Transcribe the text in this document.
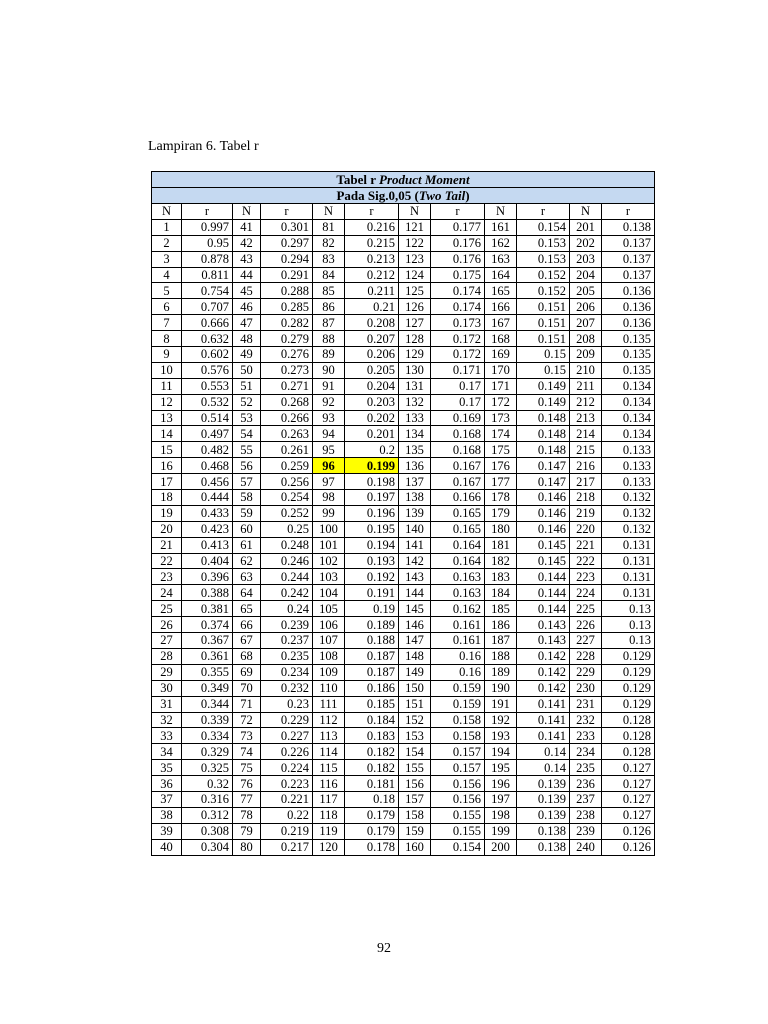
Lampiran 6. Tabel r
Tabel r Product Moment											
Pada Sig.0,05 (Two Tail)											
N	r	N	r	N	r	N	r	N	r	N	r
1	0.997	41	0.301	81	0.216	121	0.177	161	0.154	201	0.138
2	0.95	42	0.297	82	0.215	122	0.176	162	0.153	202	0.137
3	0.878	43	0.294	83	0.213	123	0.176	163	0.153	203	0.137
4	0.811	44	0.291	84	0.212	124	0.175	164	0.152	204	0.137
5	0.754	45	0.288	85	0.211	125	0.174	165	0.152	205	0.136
6	0.707	46	0.285	86	0.21	126	0.174	166	0.151	206	0.136
7	0.666	47	0.282	87	0.208	127	0.173	167	0.151	207	0.136
8	0.632	48	0.279	88	0.207	128	0.172	168	0.151	208	0.135
9	0.602	49	0.276	89	0.206	129	0.172	169	0.15	209	0.135
10	0.576	50	0.273	90	0.205	130	0.171	170	0.15	210	0.135
11	0.553	51	0.271	91	0.204	131	0.17	171	0.149	211	0.134
12	0.532	52	0.268	92	0.203	132	0.17	172	0.149	212	0.134
13	0.514	53	0.266	93	0.202	133	0.169	173	0.148	213	0.134
14	0.497	54	0.263	94	0.201	134	0.168	174	0.148	214	0.134
15	0.482	55	0.261	95	0.2	135	0.168	175	0.148	215	0.133
16	0.468	56	0.259	96	0.199	136	0.167	176	0.147	216	0.133
17	0.456	57	0.256	97	0.198	137	0.167	177	0.147	217	0.133
18	0.444	58	0.254	98	0.197	138	0.166	178	0.146	218	0.132
19	0.433	59	0.252	99	0.196	139	0.165	179	0.146	219	0.132
20	0.423	60	0.25	100	0.195	140	0.165	180	0.146	220	0.132
21	0.413	61	0.248	101	0.194	141	0.164	181	0.145	221	0.131
22	0.404	62	0.246	102	0.193	142	0.164	182	0.145	222	0.131
23	0.396	63	0.244	103	0.192	143	0.163	183	0.144	223	0.131
24	0.388	64	0.242	104	0.191	144	0.163	184	0.144	224	0.131
25	0.381	65	0.24	105	0.19	145	0.162	185	0.144	225	0.13
26	0.374	66	0.239	106	0.189	146	0.161	186	0.143	226	0.13
27	0.367	67	0.237	107	0.188	147	0.161	187	0.143	227	0.13
28	0.361	68	0.235	108	0.187	148	0.16	188	0.142	228	0.129
29	0.355	69	0.234	109	0.187	149	0.16	189	0.142	229	0.129
30	0.349	70	0.232	110	0.186	150	0.159	190	0.142	230	0.129
31	0.344	71	0.23	111	0.185	151	0.159	191	0.141	231	0.129
32	0.339	72	0.229	112	0.184	152	0.158	192	0.141	232	0.128
33	0.334	73	0.227	113	0.183	153	0.158	193	0.141	233	0.128
34	0.329	74	0.226	114	0.182	154	0.157	194	0.14	234	0.128
35	0.325	75	0.224	115	0.182	155	0.157	195	0.14	235	0.127
36	0.32	76	0.223	116	0.181	156	0.156	196	0.139	236	0.127
37	0.316	77	0.221	117	0.18	157	0.156	197	0.139	237	0.127
38	0.312	78	0.22	118	0.179	158	0.155	198	0.139	238	0.127
39	0.308	79	0.219	119	0.179	159	0.155	199	0.138	239	0.126
40	0.304	80	0.217	120	0.178	160	0.154	200	0.138	240	0.126
92
